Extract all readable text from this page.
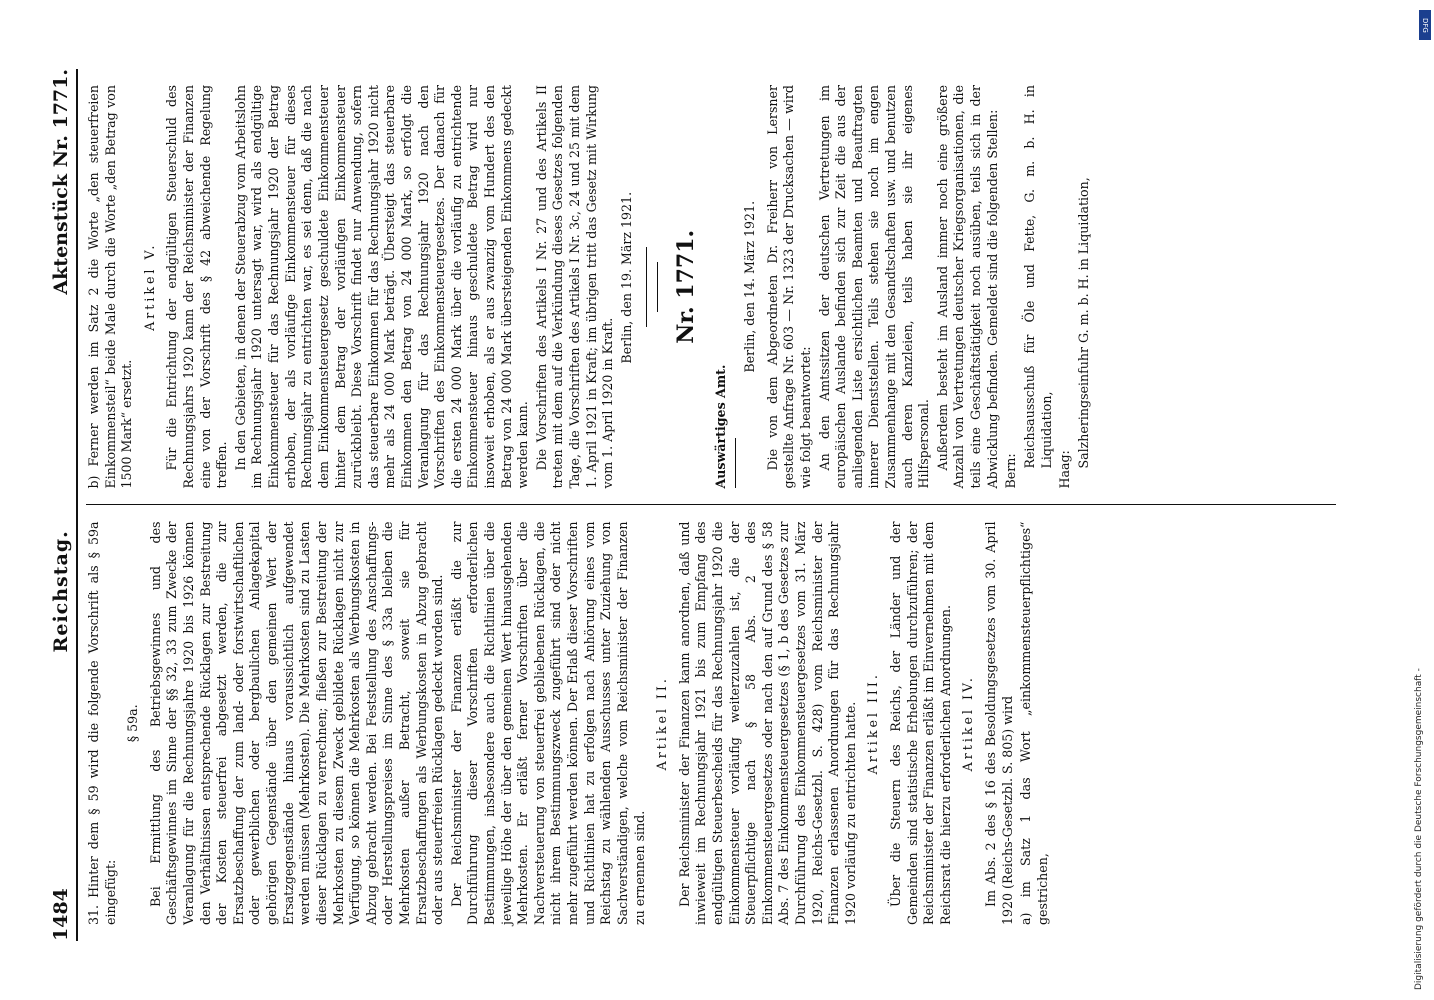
1484
Reichstag.
Aktenstück Nr. 1771.

31. Hinter dem § 59 wird die folgende Vorschrift als § 59a eingefügt:

§ 59a. Bei Ermittlung des Betriebsgewinnes und des Geschäftsgewinnes im Sinne der §§ 32, 33 zum Zwecke der Veranlagung für die Rechnungsjahre 1920 bis 1926 können den Verhältnissen entsprechende Rücklagen zur Bestreitung der Kosten steuerfrei abgesetzt werden, die zur Ersatzbeschaffung der zum land- oder forstwirtschaftlichen oder gewerblichen oder bergbaulichen Anlagekapital gehörigen Gegenstände über den gemeinen Wert der Ersatzgegenstände hinaus voraussichtlich aufgewendet werden müssen (Mehrkosten). Die Mehrkosten sind zu Lasten dieser Rücklagen zu verrechnen; fließen zur Bestreitung der Mehrkosten zu diesem Zweck gebildete Rücklagen nicht zur Verfügung, so können die Mehrkosten als Werbungskosten in Abzug gebracht werden. Bei Feststellung des Anschaffungs- oder Herstellungspreises im Sinne des § 33a bleiben die Mehrkosten außer Betracht, soweit sie für Ersatzbeschaffungen als Werbungskosten in Abzug gebracht oder aus steuerfreien Rücklagen gedeckt worden sind. Der Reichsminister der Finanzen erläßt die zur Durchführung dieser Vorschriften erforderlichen Bestimmungen, insbesondere auch die Richtlinien über die jeweilige Höhe der über den gemeinen Wert hinausgehenden Mehrkosten. Er erläßt ferner Vorschriften über die Nachversteuerung von steuerfrei gebliebenen Rücklagen, die nicht ihrem Bestimmungszweck zugeführt sind oder nicht mehr zugeführt werden können. Der Erlaß dieser Vorschriften und Richtlinien hat zu erfolgen nach Anhörung eines vom Reichstag zu wählenden Ausschusses unter Zuziehung von Sachverständigen, welche vom Reichsminister der Finanzen zu ernennen sind.

Artikel II. Der Reichsminister der Finanzen kann anordnen, daß und inwieweit im Rechnungsjahr 1921 bis zum Empfang des endgültigen Steuerbescheids für das Rechnungsjahr 1920 die Einkommensteuer vorläufig weiterzuzahlen ist, die der Steuerpflichtige nach § 58 Abs. 2 des Einkommensteuergesetzes oder nach den auf Grund des § 58 Abs. 7 des Einkommensteuergesetzes (§ 1, b des Gesetzes zur Durchführung des Einkommensteuergesetzes vom 31. März 1920, Reichs-Gesetzbl. S. 428) vom Reichsminister der Finanzen erlassenen Anordnungen für das Rechnungsjahr 1920 vorläufig zu entrichten hatte. Artikel III. Über die Steuern des Reichs, der Länder und der Gemeinden sind statistische Erhebungen durchzuführen; der Reichsminister der Finanzen erläßt im Einvernehmen mit dem Reichsrat die hierzu erforderlichen Anordnungen. Artikel IV. Im Abs. 2 des § 16 des Besoldungsgesetzes vom 30. April 1920 (Reichs-Gesetzbl. S. 805) wird a) im Satz 1 das Wort „einkommensteuerpflichtiges“ gestrichen,

b) Ferner werden im Satz 2 die Worte „den steuerfreien Einkommensteil“ beide Male durch die Worte „den Betrag von 1500 Mark“ ersetzt.

Artikel V. Für die Entrichtung der endgültigen Steuerschuld des Rechnungsjahrs 1920 kann der Reichsminister der Finanzen eine von der Vorschrift des § 42 abweichende Regelung treffen. In den Gebieten, in denen der Steuerabzug vom Arbeitslohn im Rechnungsjahr 1920 untersagt war, wird als endgültige Einkommensteuer für das Rechnungsjahr 1920 der Betrag erhoben, der als vorläufige Einkommensteuer für dieses Rechnungsjahr zu entrichten war, es sei denn, daß die nach dem Einkommensteuergesetz geschuldete Einkommensteuer hinter dem Betrag der vorläufigen Einkommensteuer zurückbleibt. Diese Vorschrift findet nur Anwendung, sofern das steuerbare Einkommen für das Rechnungsjahr 1920 nicht mehr als 24 000 Mark beträgt. Übersteigt das steuerbare Einkommen den Betrag von 24 000 Mark, so erfolgt die Veranlagung für das Rechnungsjahr 1920 nach den Vorschriften des Einkommensteuergesetzes. Der danach für die ersten 24 000 Mark über die vorläufig zu entrichtende Einkommensteuer hinaus geschuldete Betrag wird nur insoweit erhoben, als er aus zwanzig vom Hundert des den Betrag von 24 000 Mark übersteigenden Einkommens gedeckt werden kann. Die Vorschriften des Artikels I Nr. 27 und des Artikels II treten mit dem auf die Verkündung dieses Gesetzes folgenden Tage, die Vorschriften des Artikels I Nr. 3c, 24 und 25 mit dem 1. April 1921 in Kraft; im übrigen tritt das Gesetz mit Wirkung vom 1. April 1920 in Kraft.

Berlin, den 19. März 1921. Nr. 1771.

Auswärtiges Amt.

Berlin, den 14. März 1921. Die von dem Abgeordneten Dr. Freiherr von Lersner gestellte Anfrage Nr. 603 — Nr. 1323 der Drucksachen — wird wie folgt beantwortet: An den Amtssitzen der deutschen Vertretungen im europäischen Auslande befinden sich zur Zeit die aus der anliegenden Liste ersichtlichen Beamten und Beauftragten innerer Dienststellen. Teils stehen sie noch im engen Zusammenhange mit den Gesandtschaften usw. und benutzen auch deren Kanzleien, teils haben sie ihr eigenes Hilfspersonal. Außerdem besteht im Ausland immer noch eine größere Anzahl von Vertretungen deutscher Kriegsorganisationen, die teils eine Geschäftstätigkeit noch ausüben, teils sich in der Abwicklung befinden. Gemeldet sind die folgenden Stellen: Bern:

Reichsausschuß für Öle und Fette, G. m. b. H. in Liquidation,

Haag:

Salzheringseinfuhr G. m. b. H. in Liquidation,

Digitalisierung gefördert durch die Deutsche Forschungsgemeinschaft -
DFG
